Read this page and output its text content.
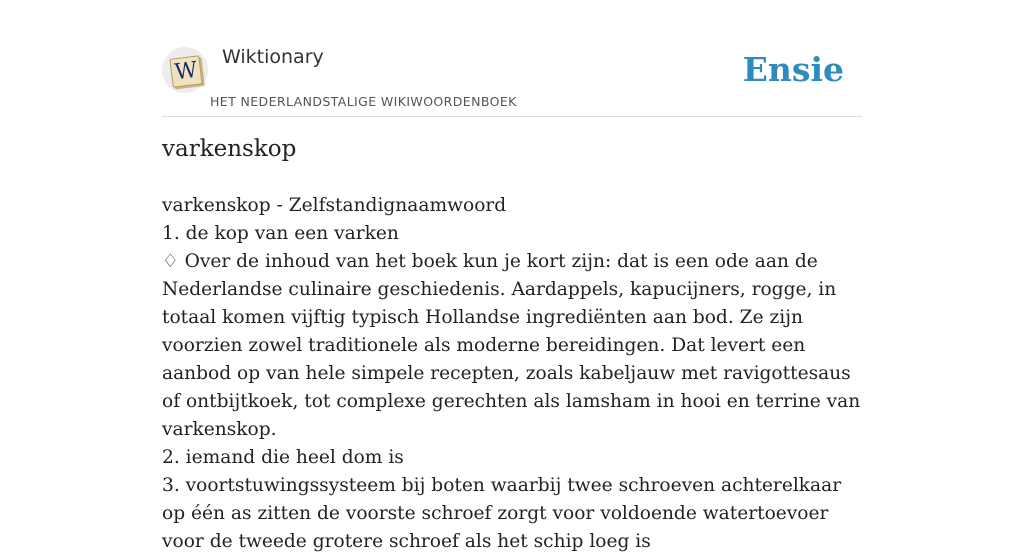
W
Wiktionary
HET NEDERLANDSTALIGE WIKIWOORDENBOEK
Ensie
varkenskop
varkenskop - Zelfstandignaamwoord
1. de kop van een varken
♢ Over de inhoud van het boek kun je kort zijn: dat is een ode aan de Nederlandse culinaire geschiedenis. Aardappels, kapucijners, rogge, in totaal komen vijftig typisch Hollandse ingrediënten aan bod. Ze zijn voorzien zowel traditionele als moderne bereidingen. Dat levert een aanbod op van hele simpele recepten, zoals kabeljauw met ravigottesaus of ontbijtkoek, tot complexe gerechten als lamsham in hooi en terrine van varkenskop.
2. iemand die heel dom is
3. voortstuwingssysteem bij boten waarbij twee schroeven achterelkaar op één as zitten de voorste schroef zorgt voor voldoende watertoevoer voor de tweede grotere schroef als het schip loeg is
